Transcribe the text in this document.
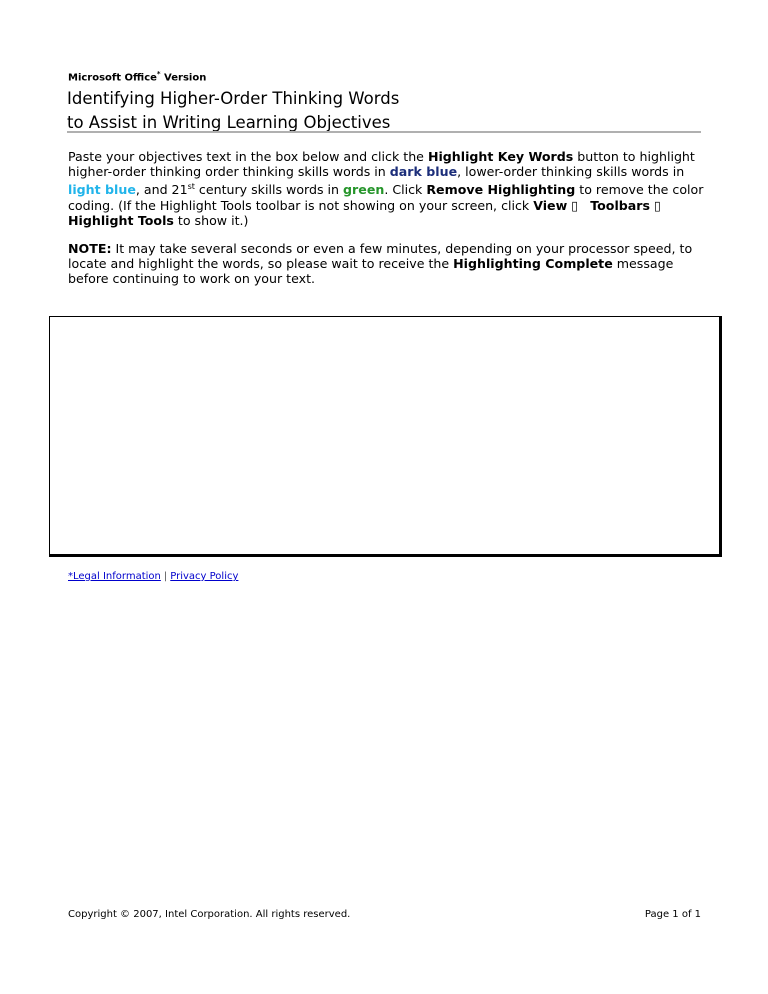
Microsoft Office* Version
Identifying Higher-Order Thinking Words
to Assist in Writing Learning Objectives
Paste your objectives text in the box below and click the Highlight Key Words button to highlight higher-order thinking order thinking skills words in dark blue, lower-order thinking skills words in light blue, and 21st century skills words in green. Click Remove Highlighting to remove the color coding. (If the Highlight Tools toolbar is not showing on your screen, click View ▯ Toolbars ▯ Highlight Tools to show it.)
NOTE: It may take several seconds or even a few minutes, depending on your processor speed, to locate and highlight the words, so please wait to receive the Highlighting Complete message before continuing to work on your text.
*Legal Information | Privacy Policy
Copyright © 2007, Intel Corporation. All rights reserved.	Page 1 of 1
